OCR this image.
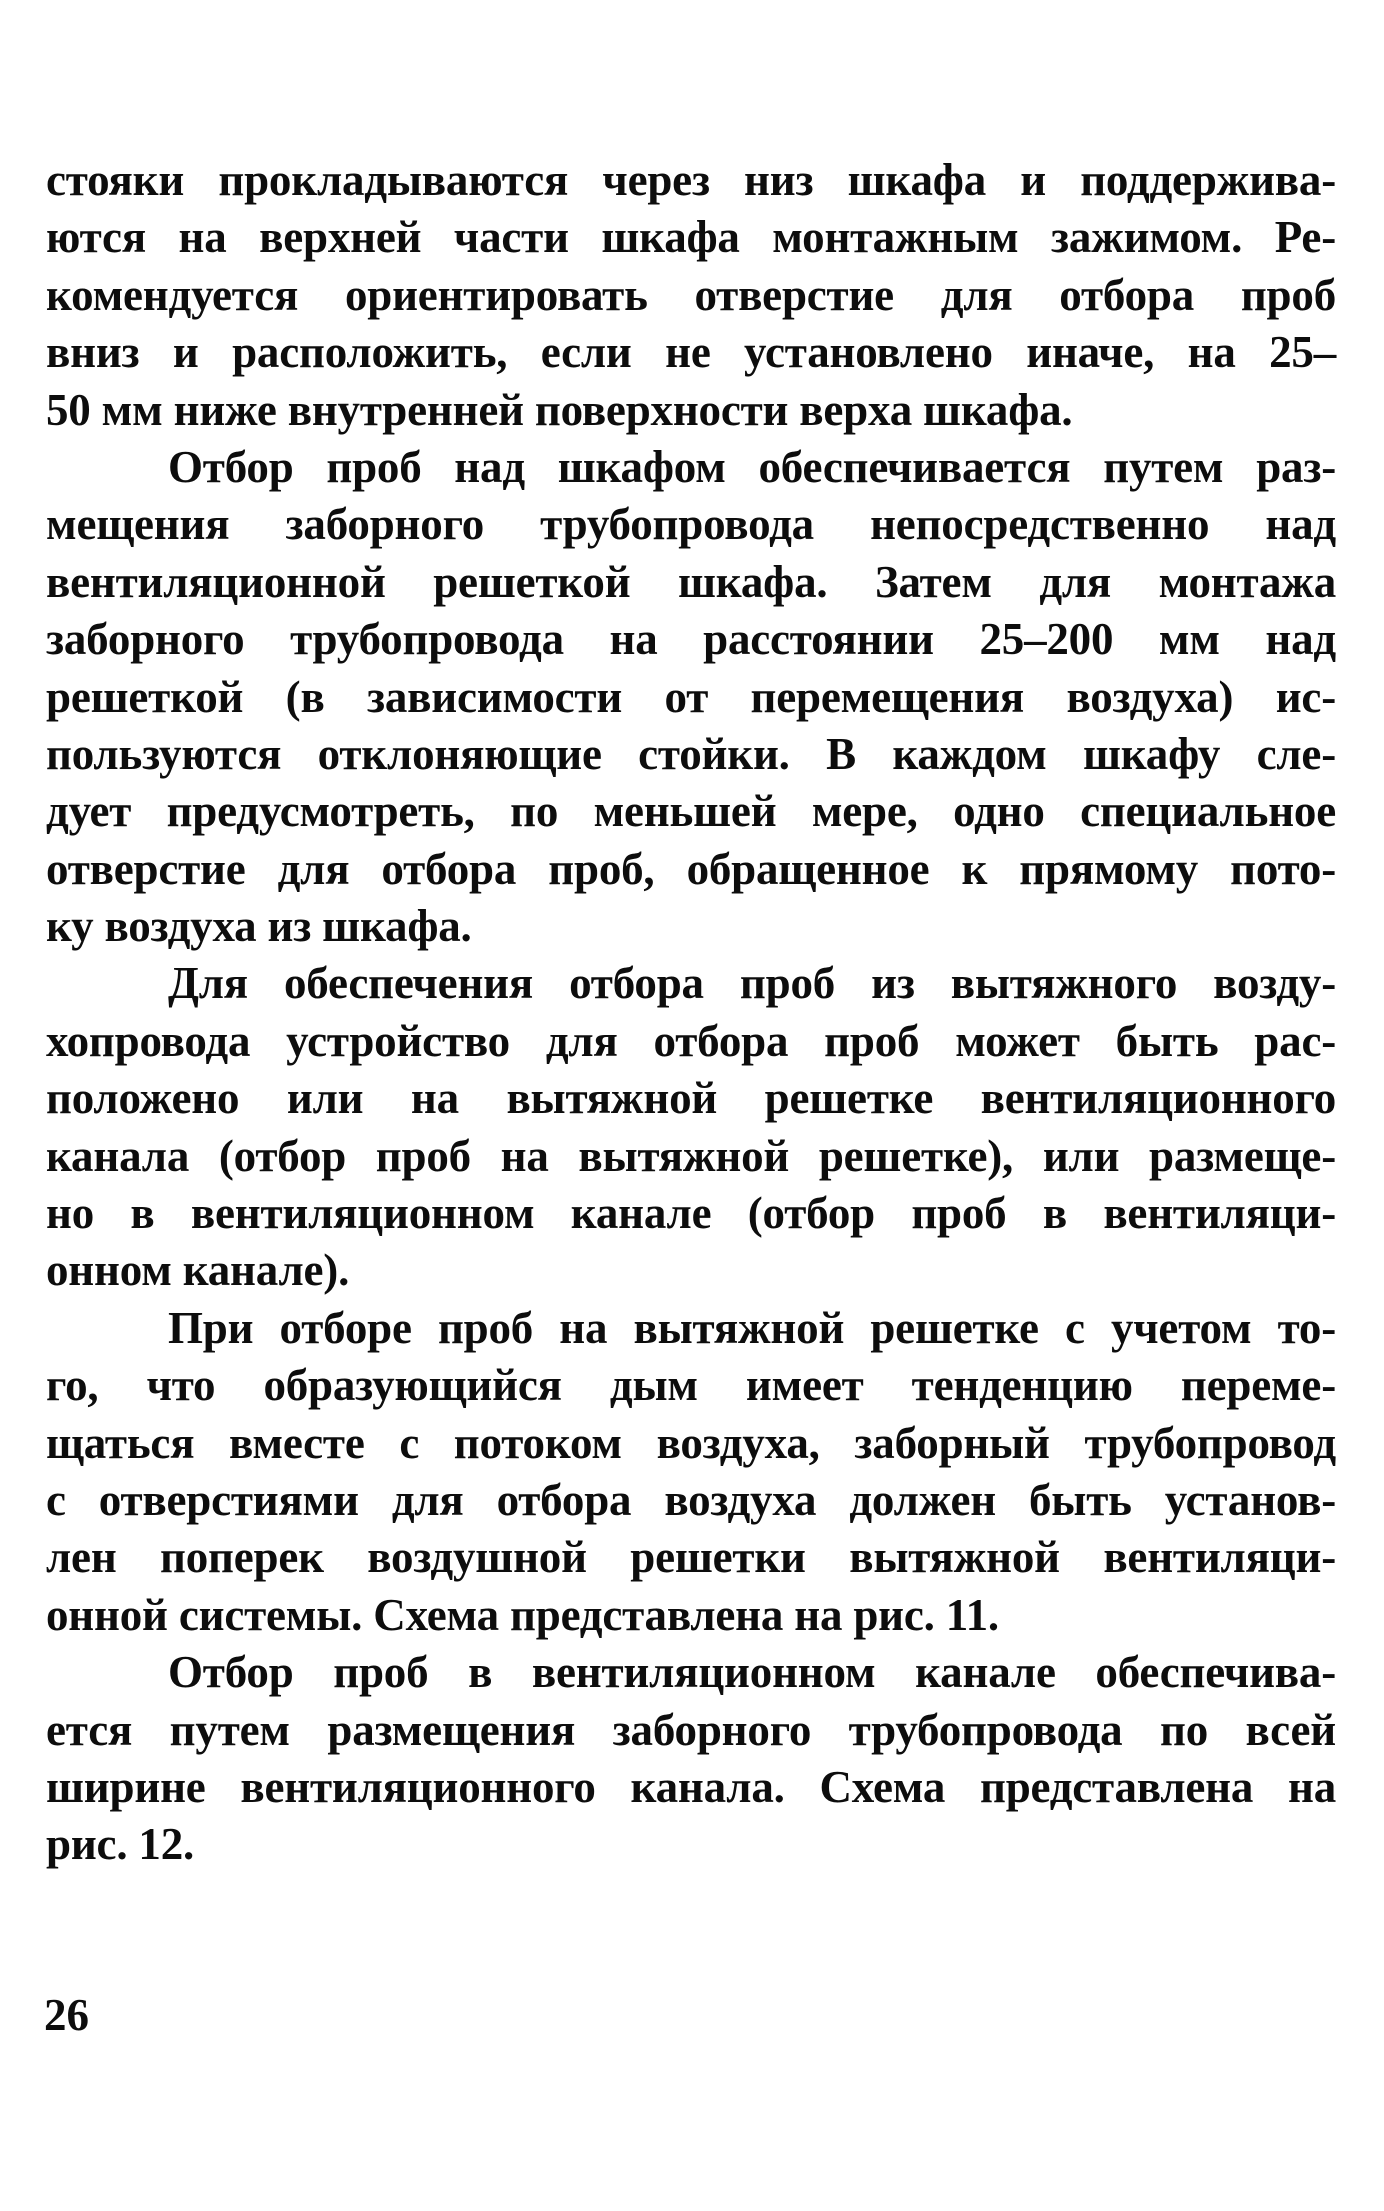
стояки прокладываются через низ шкафа и поддержива-
ются на верхней части шкафа монтажным зажимом. Ре-
комендуется ориентировать отверстие для отбора проб
вниз и расположить, если не установлено иначе, на 25–
50 мм ниже внутренней поверхности верха шкафа.
Отбор проб над шкафом обеспечивается путем раз-
мещения заборного трубопровода непосредственно над
вентиляционной решеткой шкафа. Затем для монтажа
заборного трубопровода на расстоянии 25–200 мм над
решеткой (в зависимости от перемещения воздуха) ис-
пользуются отклоняющие стойки. В каждом шкафу сле-
дует предусмотреть, по меньшей мере, одно специальное
отверстие для отбора проб, обращенное к прямому пото-
ку воздуха из шкафа.
Для обеспечения отбора проб из вытяжного возду-
хопровода устройство для отбора проб может быть рас-
положено или на вытяжной решетке вентиляционного
канала (отбор проб на вытяжной решетке), или размеще-
но в вентиляционном канале (отбор проб в вентиляци-
онном канале).
При отборе проб на вытяжной решетке с учетом то-
го, что образующийся дым имеет тенденцию переме-
щаться вместе с потоком воздуха, заборный трубопровод
с отверстиями для отбора воздуха должен быть установ-
лен поперек воздушной решетки вытяжной вентиляци-
онной системы. Схема представлена на рис. 11.
Отбор проб в вентиляционном канале обеспечива-
ется путем размещения заборного трубопровода по всей
ширине вентиляционного канала. Схема представлена на
рис. 12.
26
